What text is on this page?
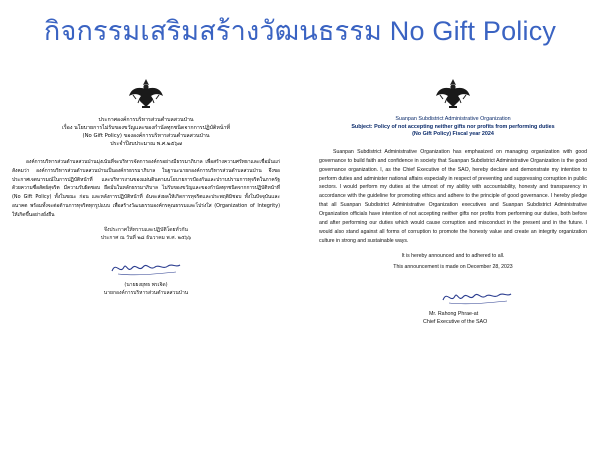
กิจกรรมเสริมสร้างวัฒนธรรม No Gift Policy
ประกาศองค์การบริหารส่วนตำบลสวนป่าน
เรื่อง นโยบายการไม่รับของขวัญและของกำนัลทุกชนิดจากการปฏิบัติหน้าที่
(No Gift Policy) ขององค์การบริหารส่วนตำบลสวนป่าน
ประจำปีงบประมาณ พ.ศ.๒๕๖๗

องค์การบริหารส่วนตำบลสวนป่านมุ่งเน้นที่จะบริหารจัดการองค์กรอย่างมีธรรมาภิบาล เพื่อสร้างความศรัทธาและเชื่อมั่นแก่สังคมว่า องค์การบริหารส่วนตำบลสวนป่านเป็นองค์กรธรรมาภิบาล ในฐานะนายกองค์การบริหารส่วนตำบลสวนป่าน จึงขอประกาศเจตนารมณ์ในการปฏิบัติหน้าที่ และบริหารงานของแผ่นดินตามนโยบายการป้องกันและปราบปรามการทุจริตในภาครัฐ ด้วยความซื่อสัตย์สุจริต มีความรับผิดชอบ ยึดมั่นในหลักธรรมาภิบาล ไม่รับของขวัญและของกำนัลทุกชนิดจากการปฏิบัติหน้าที่ (No Gift Policy) ทั้งในขณะ ก่อน และหลังการปฏิบัติหน้าที่ อันจะส่งผลให้เกิดการทุจริตและประพฤติมิชอบ ทั้งในปัจจุบันและอนาคต พร้อมทั้งจะต่อต้านการทุจริตทุกรูปแบบ เพื่อสร้างวัฒนธรรมองค์กรคุณธรรมและโปร่งใส (Organization of Integrity) ให้เกิดขึ้นอย่างยั่งยืน

จึงประกาศให้ทราบและปฏิบัติโดยทั่วกัน
ประกาศ ณ วันที่ ๒๘ ธันวาคม พ.ศ. ๒๕๖๖
(นายยงยุทธ พรเจิด)
นายกองค์การบริหารส่วนตำบลสวนป่าน
Suanpan Subdistrict Administrative Organization
Subject: Policy of not accepting neither gifts nor profits from performing duties
(No Gift Policy) Fiscal year 2024

Suanpan Subdistrict Administrative Organization has emphasized on managing organization with good governance to build faith and confidence in society that Suanpan Subdistrict Administrative Organization is the good governance organization. I, as the Chief Executive of the SAO, hereby declare and demonstrate my intention to perform duties and administer national affairs especially in respect of preventing and suppressing corruption in public sectors. I would perform my duties at the utmost of my ability with accountability, honesty and transparency in accordance with the guideline for promoting ethics and adhere to the principle of good governance. I hereby pledge that all Suanpan Subdistrict Administrative Organization executives and Suanpan Subdistrict Administrative Organization officials have intention of not accepting neither gifts nor profits from performing our duties, both before and after performing our duties which would cause corruption and misconduct in the present and in the future. I would also stand against all forms of corruption to promote the honesty value and create an integrity organization culture in strong and sustainable ways.

It is hereby announced and to adhered to all.
This announcement is made on December 28, 2023
Mr. Rahong Phrae-at
Chief Executive of the SAO
